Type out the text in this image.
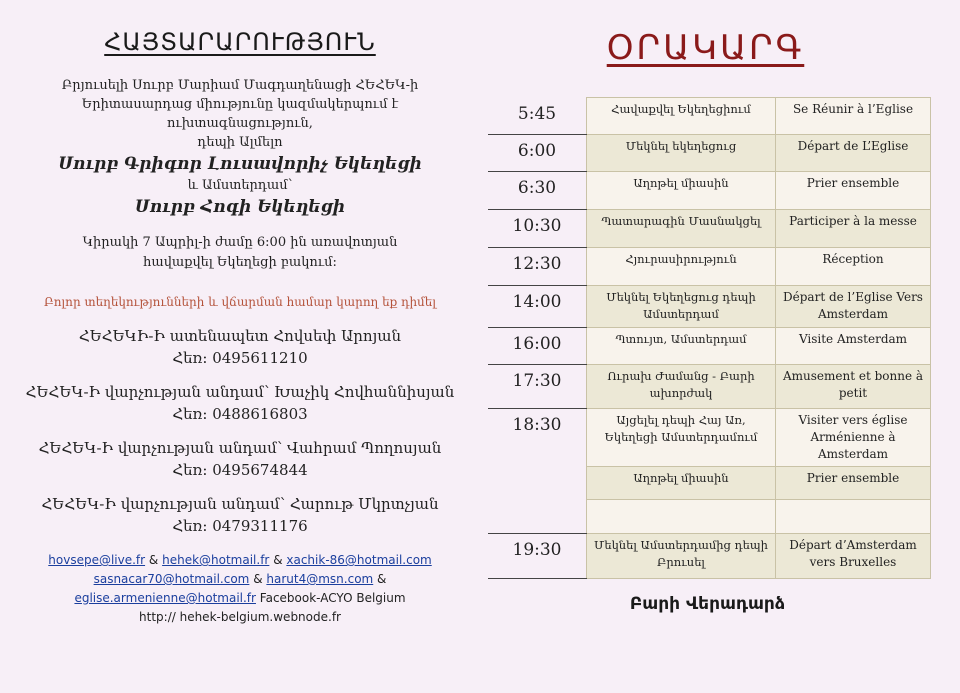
ՀԱՅՏԱՐԱՐՈՒԹՅՈՒՆ
Բրյուսելի Սուրբ Մարիամ Մագդաղենացի ՀԵՀԵԿ-ի
Երիտասարդաց միությունը կազմակերպում է ուխտագնացություն,
դեպի Ալմելո
Սուրբ Գրիգոր Լուսավորիչ Եկեղեցի
և Ամստերդամ՝
Սուրբ Հոգի Եկեղեցի
Կիրակի 7 Ապրիլ-ի ժամը 6:00 ին առավոտյան
հավաքվել Եկեղեցի բակում:
Բոլոր տեղեկությունների և վճարման համար կարող եք դիմել
ՀԵՀԵԿԻ-Ի ատենապետ Հովսեփ Արոյան
Հեռ: 0495611210
ՀԵՀԵԿ-Ի վարչության անդամ՝ Խաչիկ Հովհաննիսյան
Հեռ: 0488616803
ՀԵՀԵԿ-Ի վարչության անդամ՝ Վահրամ Պողոսյան
Հեռ: 0495674844
ՀԵՀԵԿ-Ի վարչության անդամ՝ Հարութ Մկրտչյան
Հեռ: 0479311176
hovsepe@live.fr & hehek@hotmail.fr & xachik-86@hotmail.com
sasnacar70@hotmail.com & harut4@msn.com &
eglise.armenienne@hotmail.fr Facebook-ACYO Belgium
http:// hehek-belgium.webnode.fr
ՕՐԱԿԱՐԳ
5:45	Հավաքվել Եկեղեցիում	Se Réunir à l’Eglise
6:00	Մեկնել եկեղեցուց	Départ de L’Eglise
6:30	Աղոթել միասին	Prier ensemble
10:30	Պատարագին Մասնակցել	Participer à la messe
12:30	Հյուրասիրություն	Réception
14:00	Մեկնել Եկեղեցուց դեպի Ամստերդամ	Départ de l’Eglise Vers Amsterdam
16:00	Պտույտ, Ամստերդամ	Visite Amsterdam
17:30	Ուրախ Ժամանց - Բարի ախորժակ	Amusement et bonne à petit
18:30	Այցելել դեպի Հայ Առ, Եկեղեցի Ամստերդամում	Visiter vers église Arménienne à Amsterdam
	Աղոթել միասին	Prier ensemble

19:30	Մեկնել Ամստերդամից դեպի Բրուսել	Départ d’Amsterdam vers Bruxelles
Բարի Վերադարձ
